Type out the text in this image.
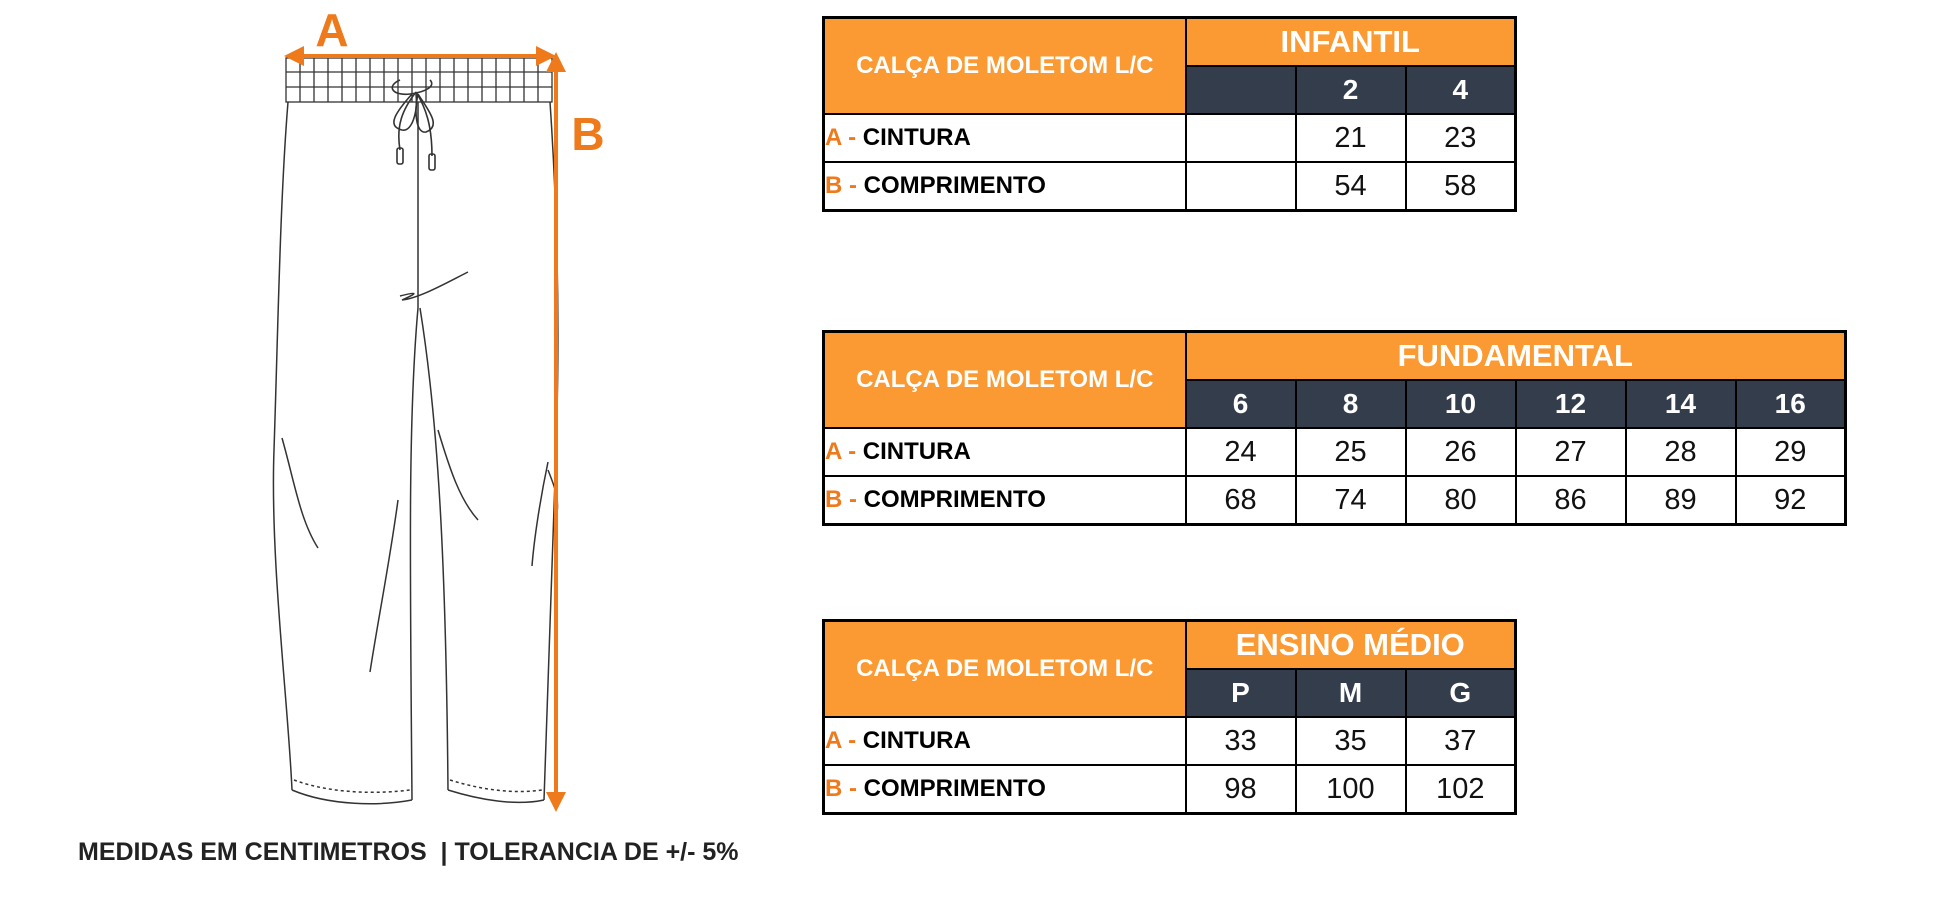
A
B
CALÇA DE MOLETOM L/C	INFANTIL		
		2	4
A - CINTURA		21	23
B - COMPRIMENTO		54	58
CALÇA DE MOLETOM L/C	FUNDAMENTAL					
	6	8	10	12	14	16
A - CINTURA	24	25	26	27	28	29
B - COMPRIMENTO	68	74	80	86	89	92
CALÇA DE MOLETOM L/C	ENSINO MÉDIO		
	P	M	G
A - CINTURA	33	35	37
B - COMPRIMENTO	98	100	102
MEDIDAS EM CENTIMETROS  | TOLERANCIA DE +/- 5%
